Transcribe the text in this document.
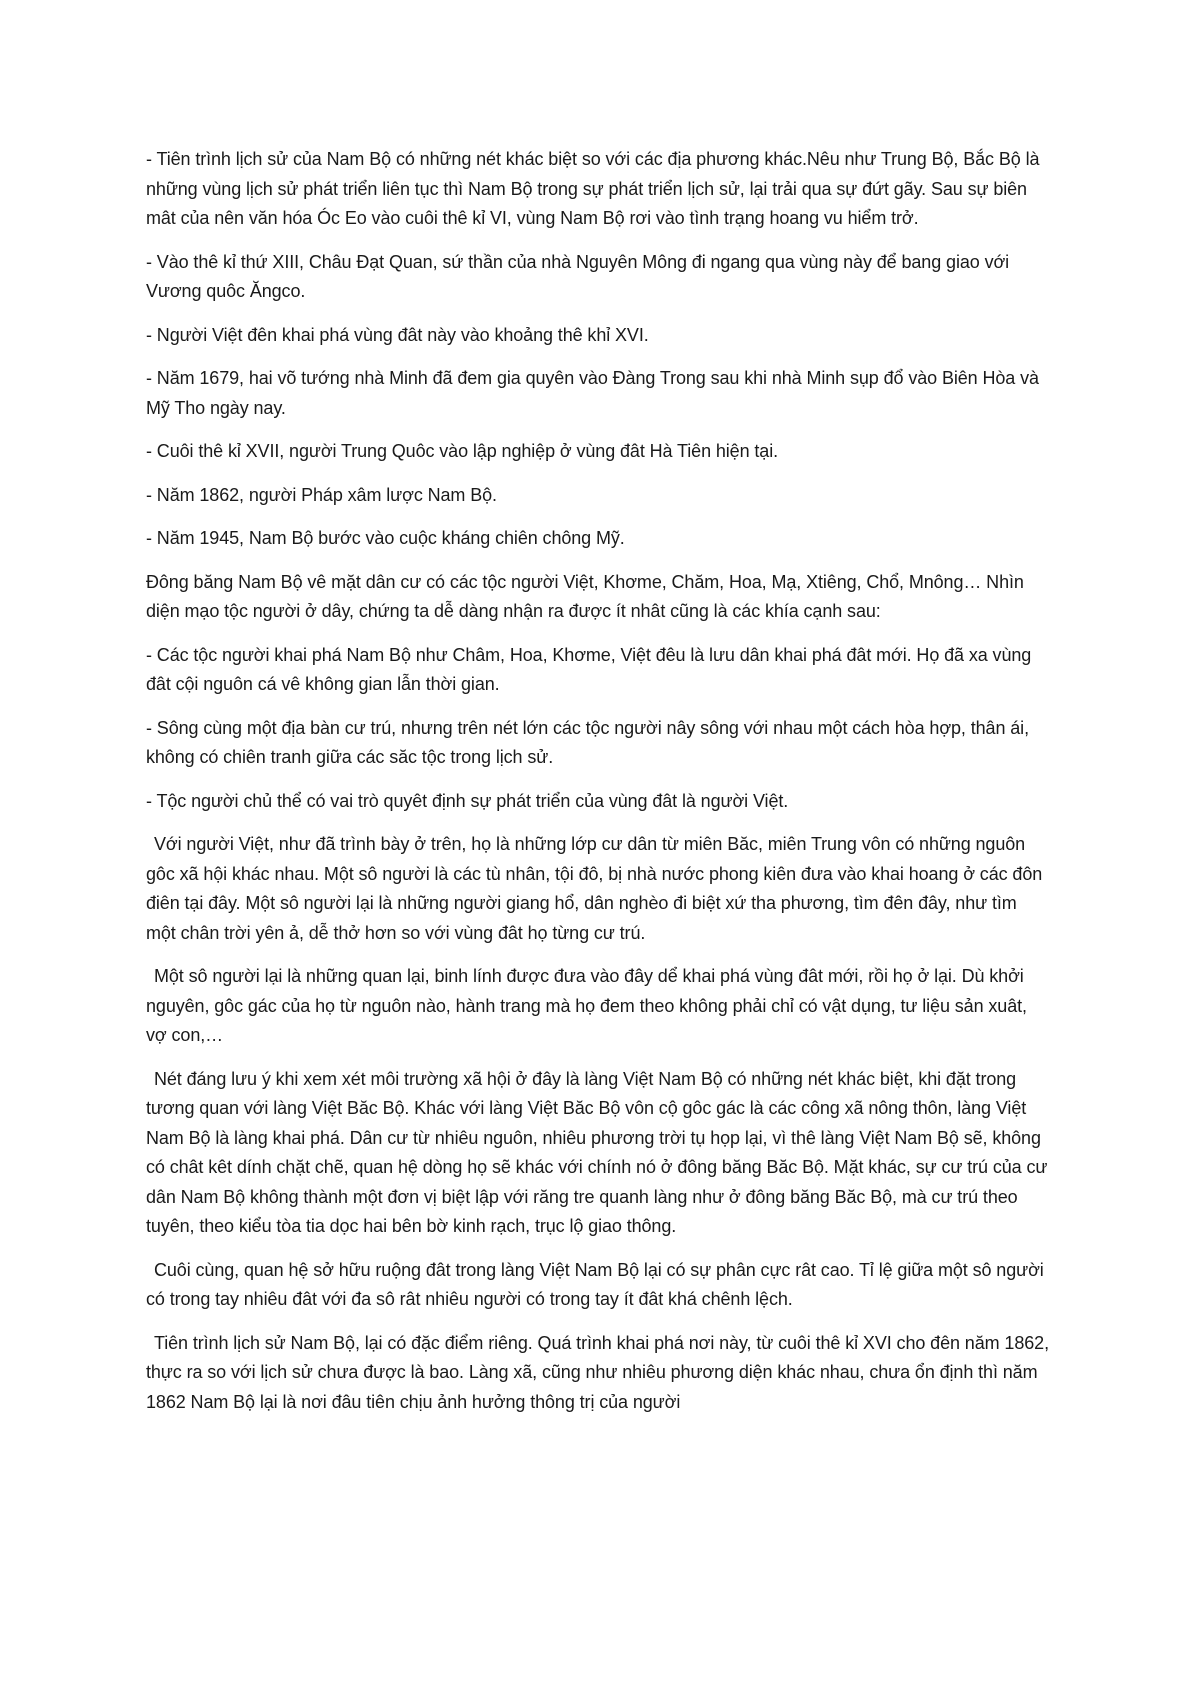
- Tiên trình lịch sử của Nam Bộ có những nét khác biệt so với các địa phương khác.Nêu như Trung Bộ, Bắc Bộ là những vùng lịch sử phát triển liên tục thì Nam Bộ trong sự phát triển lịch sử, lại trải qua sự đứt gãy. Sau sự biên mât của nên văn hóa Óc Eo vào cuôi thê kỉ VI, vùng Nam Bộ rơi vào tình trạng hoang vu hiểm trở.

- Vào thê kỉ thứ XIII, Châu Đạt Quan, sứ thần của nhà Nguyên Mông đi ngang qua vùng này để bang giao với Vương quôc Ăngco.

- Người Việt đên khai phá vùng đât này vào khoảng thê khỉ XVI.

- Năm 1679, hai võ tướng nhà Minh đã đem gia quyên vào Đàng Trong sau khi nhà Minh sụp đổ vào Biên Hòa và Mỹ Tho ngày nay.

- Cuôi thê kỉ XVII, người Trung Quôc vào lập nghiệp ở vùng đât Hà Tiên hiện tại.

- Năm 1862, người Pháp xâm lược Nam Bộ.

- Năm 1945, Nam Bộ bước vào cuộc kháng chiên chông Mỹ.

Đông băng Nam Bộ vê mặt dân cư có các tộc người Việt, Khơme, Chăm, Hoa, Mạ, Xtiêng, Chổ, Mnông… Nhìn diện mạo tộc người ở dây, chứng ta dễ dàng nhận ra được ít nhât cũng là các khía cạnh sau:

- Các tộc người khai phá Nam Bộ như Châm, Hoa, Khơme, Việt đêu là lưu dân khai phá đât mới. Họ đã xa vùng đât cội nguôn cá vê không gian lẫn thời gian.

- Sông cùng một địa bàn cư trú, nhưng trên nét lớn các tộc người nây sông với nhau một cách hòa hợp, thân ái, không có chiên tranh giữa các săc tộc trong lịch sử.

- Tộc người chủ thể có vai trò quyêt định sự phát triển của vùng đât là người Việt.

Với người Việt, như đã trình bày ở trên, họ là những lớp cư dân từ miên Băc, miên Trung vôn có những nguôn gôc xã hội khác nhau. Một sô người là các tù nhân, tội đô, bị nhà nước phong kiên đưa vào khai hoang ở các đôn điên tại đây. Một sô người lại là những người giang hổ, dân nghèo đi biệt xứ tha phương, tìm đên đây, như tìm một chân trời yên ả, dễ thở hơn so với vùng đât họ từng cư trú.

Một sô người lại là những quan lại, binh lính được đưa vào đây dể khai phá vùng đât mới, rồi họ ở lại. Dù khởi nguyên, gôc gác của họ từ nguôn nào, hành trang mà họ đem theo không phải chỉ có vật dụng, tư liệu sản xuât, vợ con,…

Nét đáng lưu ý khi xem xét môi trường xã hội ở đây là làng Việt Nam Bộ có những nét khác biệt, khi đặt trong tương quan với làng Việt Băc Bộ. Khác với làng Việt Băc Bộ vôn cộ gôc gác là các công xã nông thôn, làng Việt Nam Bộ là làng khai phá. Dân cư từ nhiêu nguôn, nhiêu phương trời tụ họp lại, vì thê làng Việt Nam Bộ sẽ, không có chât kêt dính chặt chẽ, quan hệ dòng họ sẽ khác với chính nó ở đông băng Băc Bộ. Mặt khác, sự cư trú của cư dân Nam Bộ không thành một đơn vị biệt lập với răng tre quanh làng như ở đông băng Băc Bộ, mà cư trú theo tuyên, theo kiểu tòa tia dọc hai bên bờ kinh rạch, trục lộ giao thông.

Cuôi cùng, quan hệ sở hữu ruộng đât trong làng Việt Nam Bộ lại có sự phân cực rât cao. Tỉ lệ giữa một sô người có trong tay nhiêu đât với đa sô rât nhiêu người có trong tay ít đât khá chênh lệch.

Tiên trình lịch sử Nam Bộ, lại có đặc điểm riêng. Quá trình khai phá nơi này, từ cuôi thê kỉ XVI cho đên năm 1862, thực ra so với lịch sử chưa được là bao. Làng xã, cũng như nhiêu phương diện khác nhau, chưa ổn định thì năm 1862 Nam Bộ lại là nơi đâu tiên chịu ảnh hưởng thông trị của người
